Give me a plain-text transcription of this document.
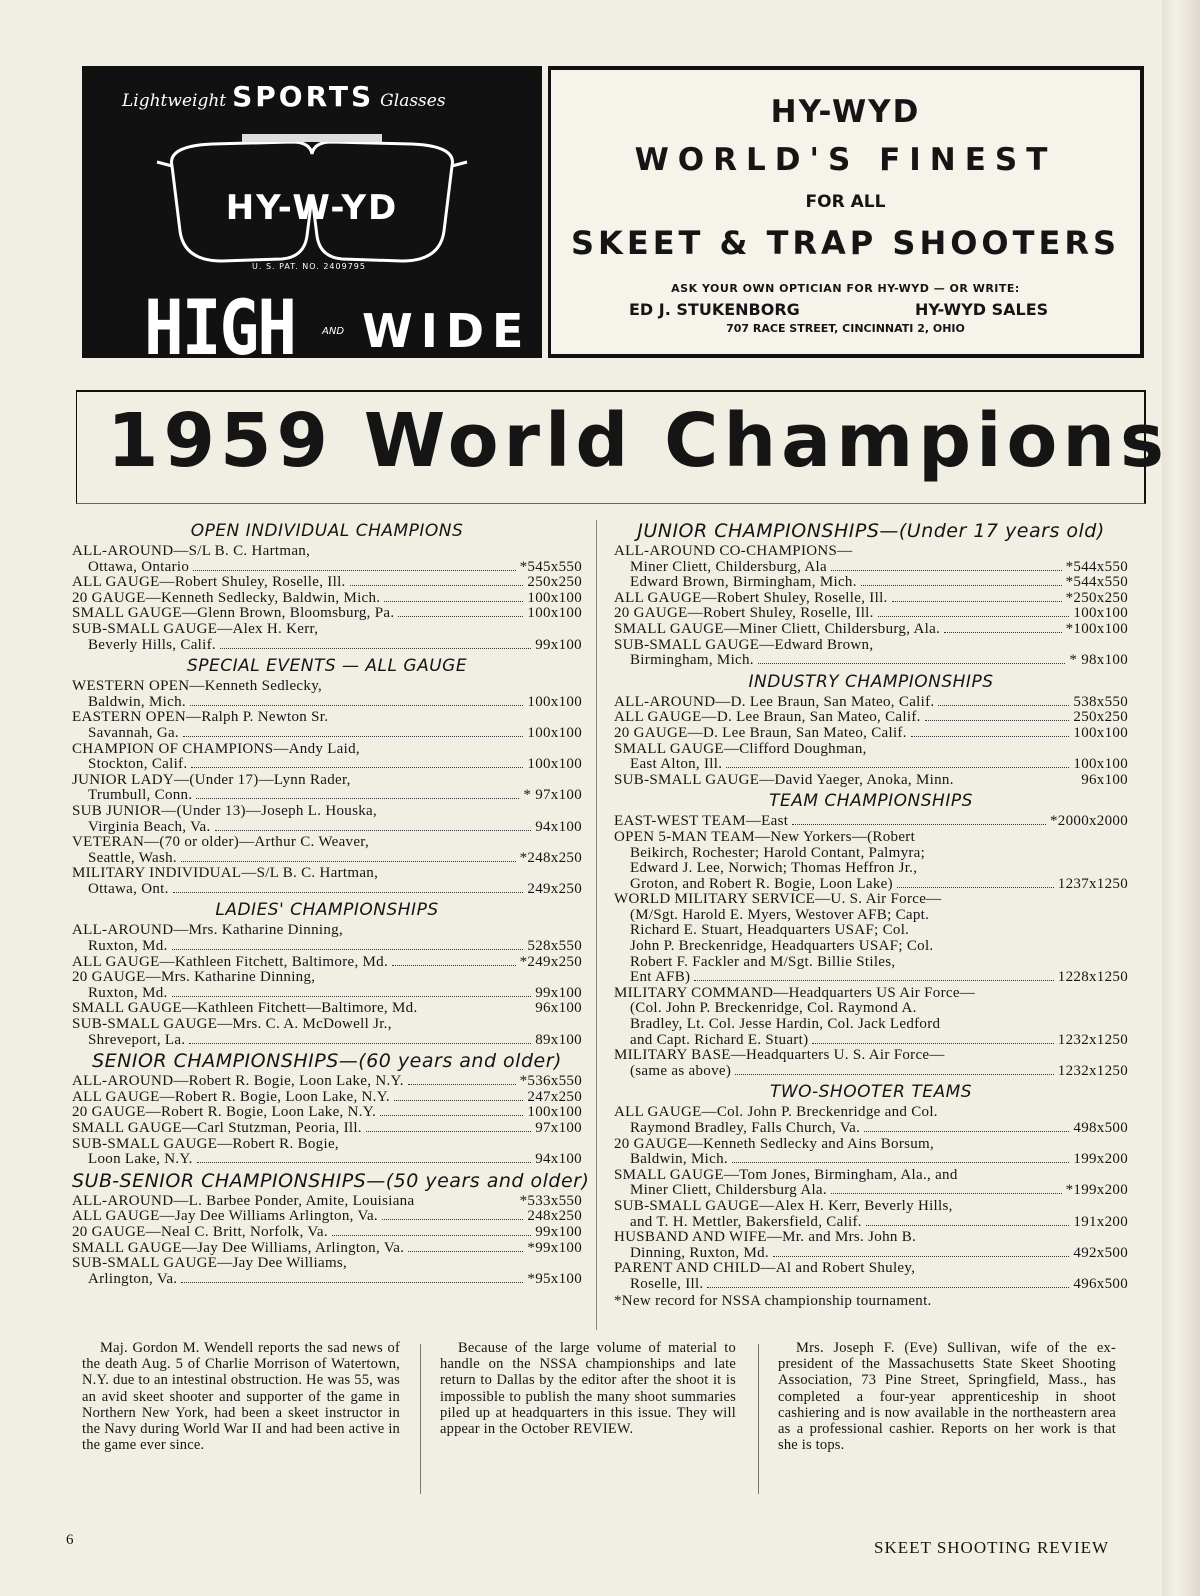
Lightweight SPORTS Glasses
HY-W-YD
U. S. PAT. NO. 2409795
HIGH	AND WIDE
HY-WYD
WORLD'S FINEST
FOR ALL
SKEET & TRAP SHOOTERS
ASK YOUR OWN OPTICIAN FOR HY-WYD — OR WRITE:
ED J. STUKENBORG	HY-WYD SALES
707 RACE STREET, CINCINNATI 2, OHIO
1959 World Champions
OPEN INDIVIDUAL CHAMPIONS
ALL-AROUND—S/L B. C. Hartman,
Ottawa, Ontario	*545x550
ALL GAUGE—Robert Shuley, Roselle, Ill.	250x250
20 GAUGE—Kenneth Sedlecky, Baldwin, Mich.	100x100
SMALL GAUGE—Glenn Brown, Bloomsburg, Pa.	100x100
SUB-SMALL GAUGE—Alex H. Kerr,
Beverly Hills, Calif.	99x100
SPECIAL EVENTS — ALL GAUGE
WESTERN OPEN—Kenneth Sedlecky,
Baldwin, Mich.	100x100
EASTERN OPEN—Ralph P. Newton Sr.
Savannah, Ga.	100x100
CHAMPION OF CHAMPIONS—Andy Laid,
Stockton, Calif.	100x100
JUNIOR LADY—(Under 17)—Lynn Rader,
Trumbull, Conn.	* 97x100
SUB JUNIOR—(Under 13)—Joseph L. Houska,
Virginia Beach, Va.	94x100
VETERAN—(70 or older)—Arthur C. Weaver,
Seattle, Wash.	*248x250
MILITARY INDIVIDUAL—S/L B. C. Hartman,
Ottawa, Ont.	249x250
LADIES' CHAMPIONSHIPS
ALL-AROUND—Mrs. Katharine Dinning,
Ruxton, Md.	528x550
ALL GAUGE—Kathleen Fitchett, Baltimore, Md.	*249x250
20 GAUGE—Mrs. Katharine Dinning,
Ruxton, Md.	99x100
SMALL GAUGE—Kathleen Fitchett—Baltimore, Md.	96x100
SUB-SMALL GAUGE—Mrs. C. A. McDowell Jr.,
Shreveport, La.	89x100
SENIOR CHAMPIONSHIPS—(60 years and older)
ALL-AROUND—Robert R. Bogie, Loon Lake, N.Y.	*536x550
ALL GAUGE—Robert R. Bogie, Loon Lake, N.Y.	247x250
20 GAUGE—Robert R. Bogie, Loon Lake, N.Y.	100x100
SMALL GAUGE—Carl Stutzman, Peoria, Ill.	97x100
SUB-SMALL GAUGE—Robert R. Bogie,
Loon Lake, N.Y.	94x100
SUB-SENIOR CHAMPIONSHIPS—(50 years and older)
ALL-AROUND—L. Barbee Ponder, Amite, Louisiana	*533x550
ALL GAUGE—Jay Dee Williams Arlington, Va.	248x250
20 GAUGE—Neal C. Britt, Norfolk, Va.	99x100
SMALL GAUGE—Jay Dee Williams, Arlington, Va.	*99x100
SUB-SMALL GAUGE—Jay Dee Williams,
Arlington, Va.	*95x100
JUNIOR CHAMPIONSHIPS—(Under 17 years old)
ALL-AROUND CO-CHAMPIONS—
Miner Cliett, Childersburg, Ala	*544x550
Edward Brown, Birmingham, Mich.	*544x550
ALL GAUGE—Robert Shuley, Roselle, Ill.	*250x250
20 GAUGE—Robert Shuley, Roselle, Ill.	100x100
SMALL GAUGE—Miner Cliett, Childersburg, Ala.	*100x100
SUB-SMALL GAUGE—Edward Brown,
Birmingham, Mich.	* 98x100
INDUSTRY CHAMPIONSHIPS
ALL-AROUND—D. Lee Braun, San Mateo, Calif.	538x550
ALL GAUGE—D. Lee Braun, San Mateo, Calif.	250x250
20 GAUGE—D. Lee Braun, San Mateo, Calif.	100x100
SMALL GAUGE—Clifford Doughman,
East Alton, Ill.	100x100
SUB-SMALL GAUGE—David Yaeger, Anoka, Minn.	96x100
TEAM CHAMPIONSHIPS
EAST-WEST TEAM—East	*2000x2000
OPEN 5-MAN TEAM—New Yorkers—(Robert
Beikirch, Rochester; Harold Contant, Palmyra;
Edward J. Lee, Norwich; Thomas Heffron Jr.,
Groton, and Robert R. Bogie, Loon Lake)	1237x1250
WORLD MILITARY SERVICE—U. S. Air Force—
(M/Sgt. Harold E. Myers, Westover AFB; Capt.
Richard E. Stuart, Headquarters USAF; Col.
John P. Breckenridge, Headquarters USAF; Col.
Robert F. Fackler and M/Sgt. Billie Stiles,
Ent AFB)	1228x1250
MILITARY COMMAND—Headquarters US Air Force—
(Col. John P. Breckenridge, Col. Raymond A.
Bradley, Lt. Col. Jesse Hardin, Col. Jack Ledford
and Capt. Richard E. Stuart)	1232x1250
MILITARY BASE—Headquarters U. S. Air Force—
(same as above)	1232x1250
TWO-SHOOTER TEAMS
ALL GAUGE—Col. John P. Breckenridge and Col.
Raymond Bradley, Falls Church, Va.	498x500
20 GAUGE—Kenneth Sedlecky and Ains Borsum,
Baldwin, Mich.	199x200
SMALL GAUGE—Tom Jones, Birmingham, Ala., and
Miner Cliett, Childersburg Ala.	*199x200
SUB-SMALL GAUGE—Alex H. Kerr, Beverly Hills,
and T. H. Mettler, Bakersfield, Calif.	191x200
HUSBAND AND WIFE—Mr. and Mrs. John B.
Dinning, Ruxton, Md.	492x500
PARENT AND CHILD—Al and Robert Shuley,
Roselle, Ill.	496x500
*New record for NSSA championship tournament.
Maj. Gordon M. Wendell reports the sad news of the death Aug. 5 of Charlie Morrison of Watertown, N.Y. due to an intestinal obstruction. He was 55, was an avid skeet shooter and supporter of the game in Northern New York, had been a skeet instructor in the Navy during World War II and had been active in the game ever since.
Because of the large volume of material to handle on the NSSA championships and late return to Dallas by the editor after the shoot it is impossible to publish the many shoot summaries piled up at headquarters in this issue. They will appear in the October REVIEW.
Mrs. Joseph F. (Eve) Sullivan, wife of the ex-president of the Massachusetts State Skeet Shooting Association, 73 Pine Street, Springfield, Mass., has completed a four-year apprenticeship in shoot cashiering and is now available in the northeastern area as a professional cashier. Reports on her work is that she is tops.
6	SKEET SHOOTING REVIEW
